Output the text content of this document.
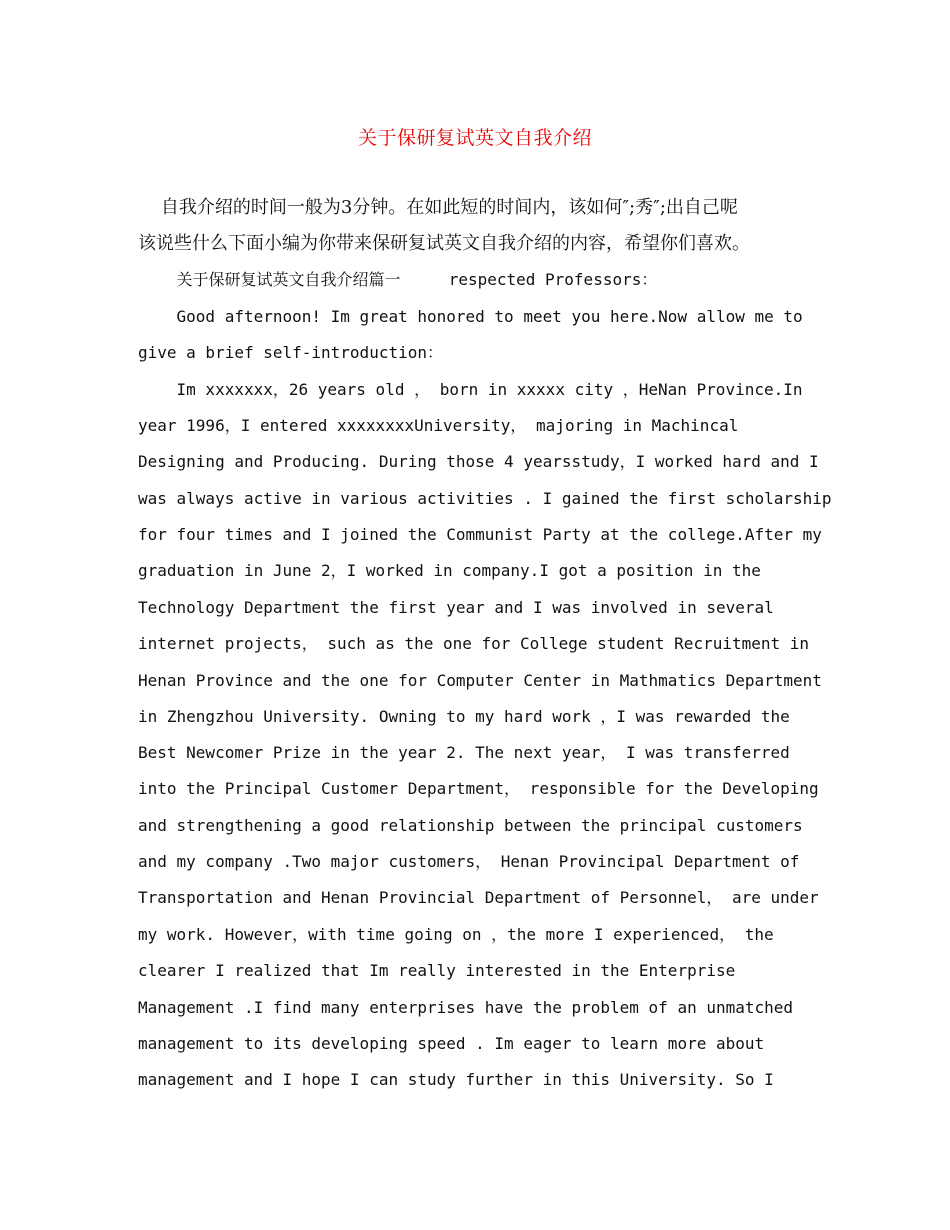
关于保研复试英文自我介绍
自我介绍的时间一般为3分钟。在如此短的时间内，该如何″;秀″;出自己呢
该说些什么下面小编为你带来保研复试英文自我介绍的内容，希望你们喜欢。
关于保研复试英文自我介绍篇一     respected Professors：
Good afternoon! Im great honored to meet you here.Now allow me to
give a brief self-introduction：
Im xxxxxxx，26 years old ， born in xxxxx city ，HeNan Province.In
year 1996，I entered xxxxxxxxUniversity， majoring in Machincal
Designing and Producing. During those 4 yearsstudy，I worked hard and I
was always active in various activities . I gained the first scholarship
for four times and I joined the Communist Party at the college.After my
graduation in June 2，I worked in company.I got a position in the
Technology Department the first year and I was involved in several
internet projects， such as the one for College student Recruitment in
Henan Province and the one for Computer Center in Mathmatics Department
in Zhengzhou University. Owning to my hard work ，I was rewarded the
Best Newcomer Prize in the year 2. The next year， I was transferred
into the Principal Customer Department， responsible for the Developing
and strengthening a good relationship between the principal customers
and my company .Two major customers， Henan Provincipal Department of
Transportation and Henan Provincial Department of Personnel， are under
my work. However，with time going on ，the more I experienced， the
clearer I realized that Im really interested in the Enterprise
Management .I find many enterprises have the problem of an unmatched
management to its developing speed . Im eager to learn more about
management and I hope I can study further in this University. So I
